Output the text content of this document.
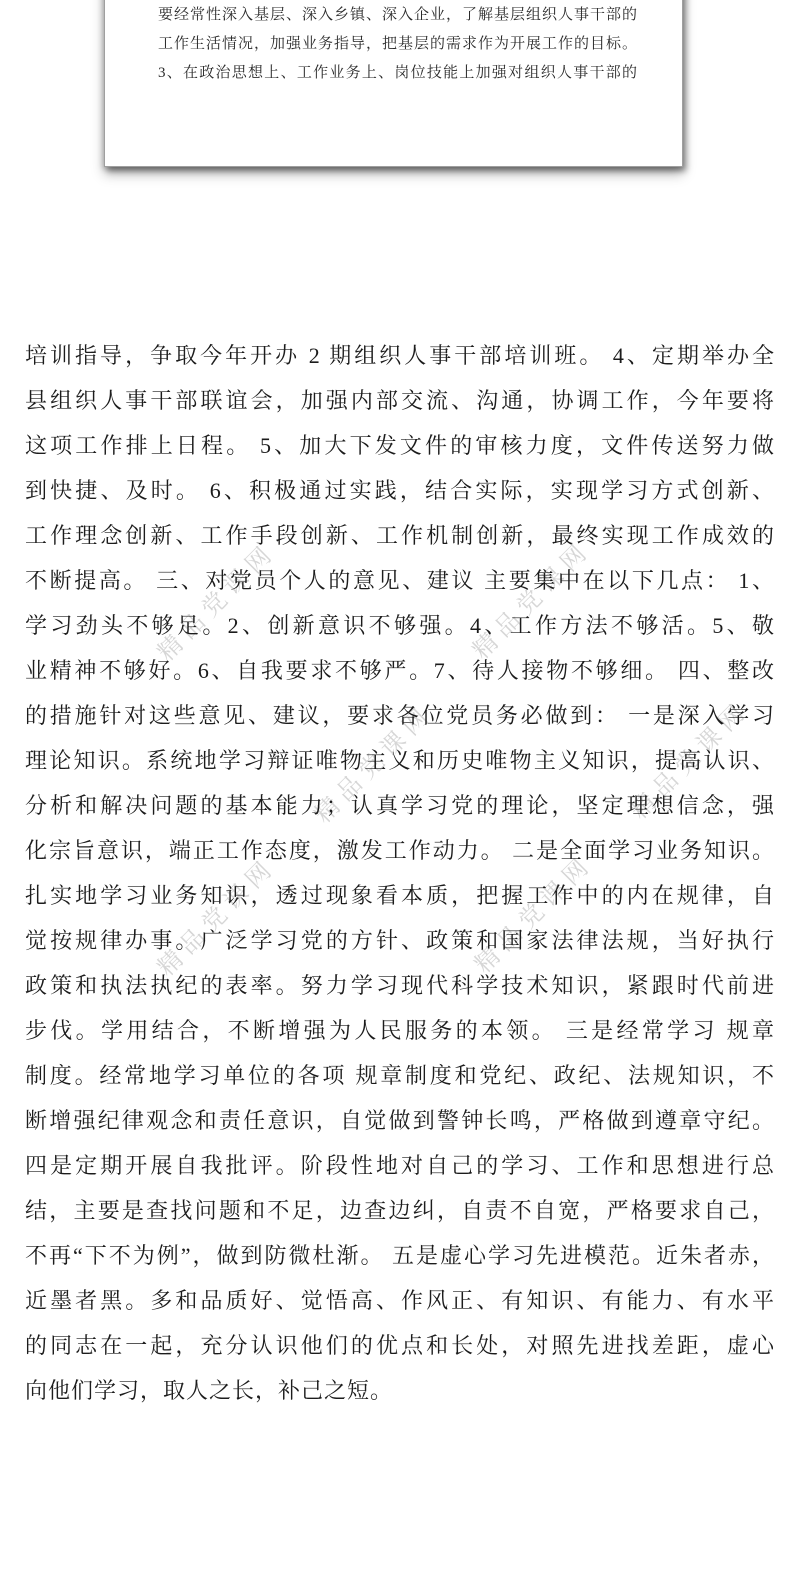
精品党课网	精品党课网
精品党课网	精品党课网
精品党课网	精品党课网
要经常性深入基层、深入乡镇、深入企业，了解基层组织人事干部的
工作生活情况，加强业务指导，把基层的需求作为开展工作的目标。
3、在政治思想上、工作业务上、岗位技能上加强对组织人事干部的
培训指导，争取今年开办 2 期组织人事干部培训班。 4、定期举办全
县组织人事干部联谊会，加强内部交流、沟通，协调工作，今年要将
这项工作排上日程。 5、加大下发文件的审核力度，文件传送努力做
到快捷、及时。 6、积极通过实践，结合实际，实现学习方式创新、
工作理念创新、工作手段创新、工作机制创新，最终实现工作成效的
不断提高。 三、对党员个人的意见、建议 主要集中在以下几点： 1、
学习劲头不够足。2、创新意识不够强。4、工作方法不够活。5、敬
业精神不够好。6、自我要求不够严。7、待人接物不够细。 四、整改
的措施针对这些意见、建议，要求各位党员务必做到： 一是深入学习
理论知识。系统地学习辩证唯物主义和历史唯物主义知识，提高认识、
分析和解决问题的基本能力；认真学习党的理论，坚定理想信念，强
化宗旨意识，端正工作态度，激发工作动力。 二是全面学习业务知识。
扎实地学习业务知识，透过现象看本质，把握工作中的内在规律，自
觉按规律办事。广泛学习党的方针、政策和国家法律法规，当好执行
政策和执法执纪的表率。努力学习现代科学技术知识，紧跟时代前进
步伐。学用结合，不断增强为人民服务的本领。 三是经常学习 规章
制度。经常地学习单位的各项 规章制度和党纪、政纪、法规知识，不
断增强纪律观念和责任意识，自觉做到警钟长鸣，严格做到遵章守纪。
四是定期开展自我批评。阶段性地对自己的学习、工作和思想进行总
结，主要是查找问题和不足，边查边纠，自责不自宽，严格要求自己，
不再“下不为例”，做到防微杜渐。 五是虚心学习先进模范。近朱者赤，
近墨者黑。多和品质好、觉悟高、作风正、有知识、有能力、有水平
的同志在一起，充分认识他们的优点和长处，对照先进找差距，虚心
向他们学习，取人之长，补己之短。
